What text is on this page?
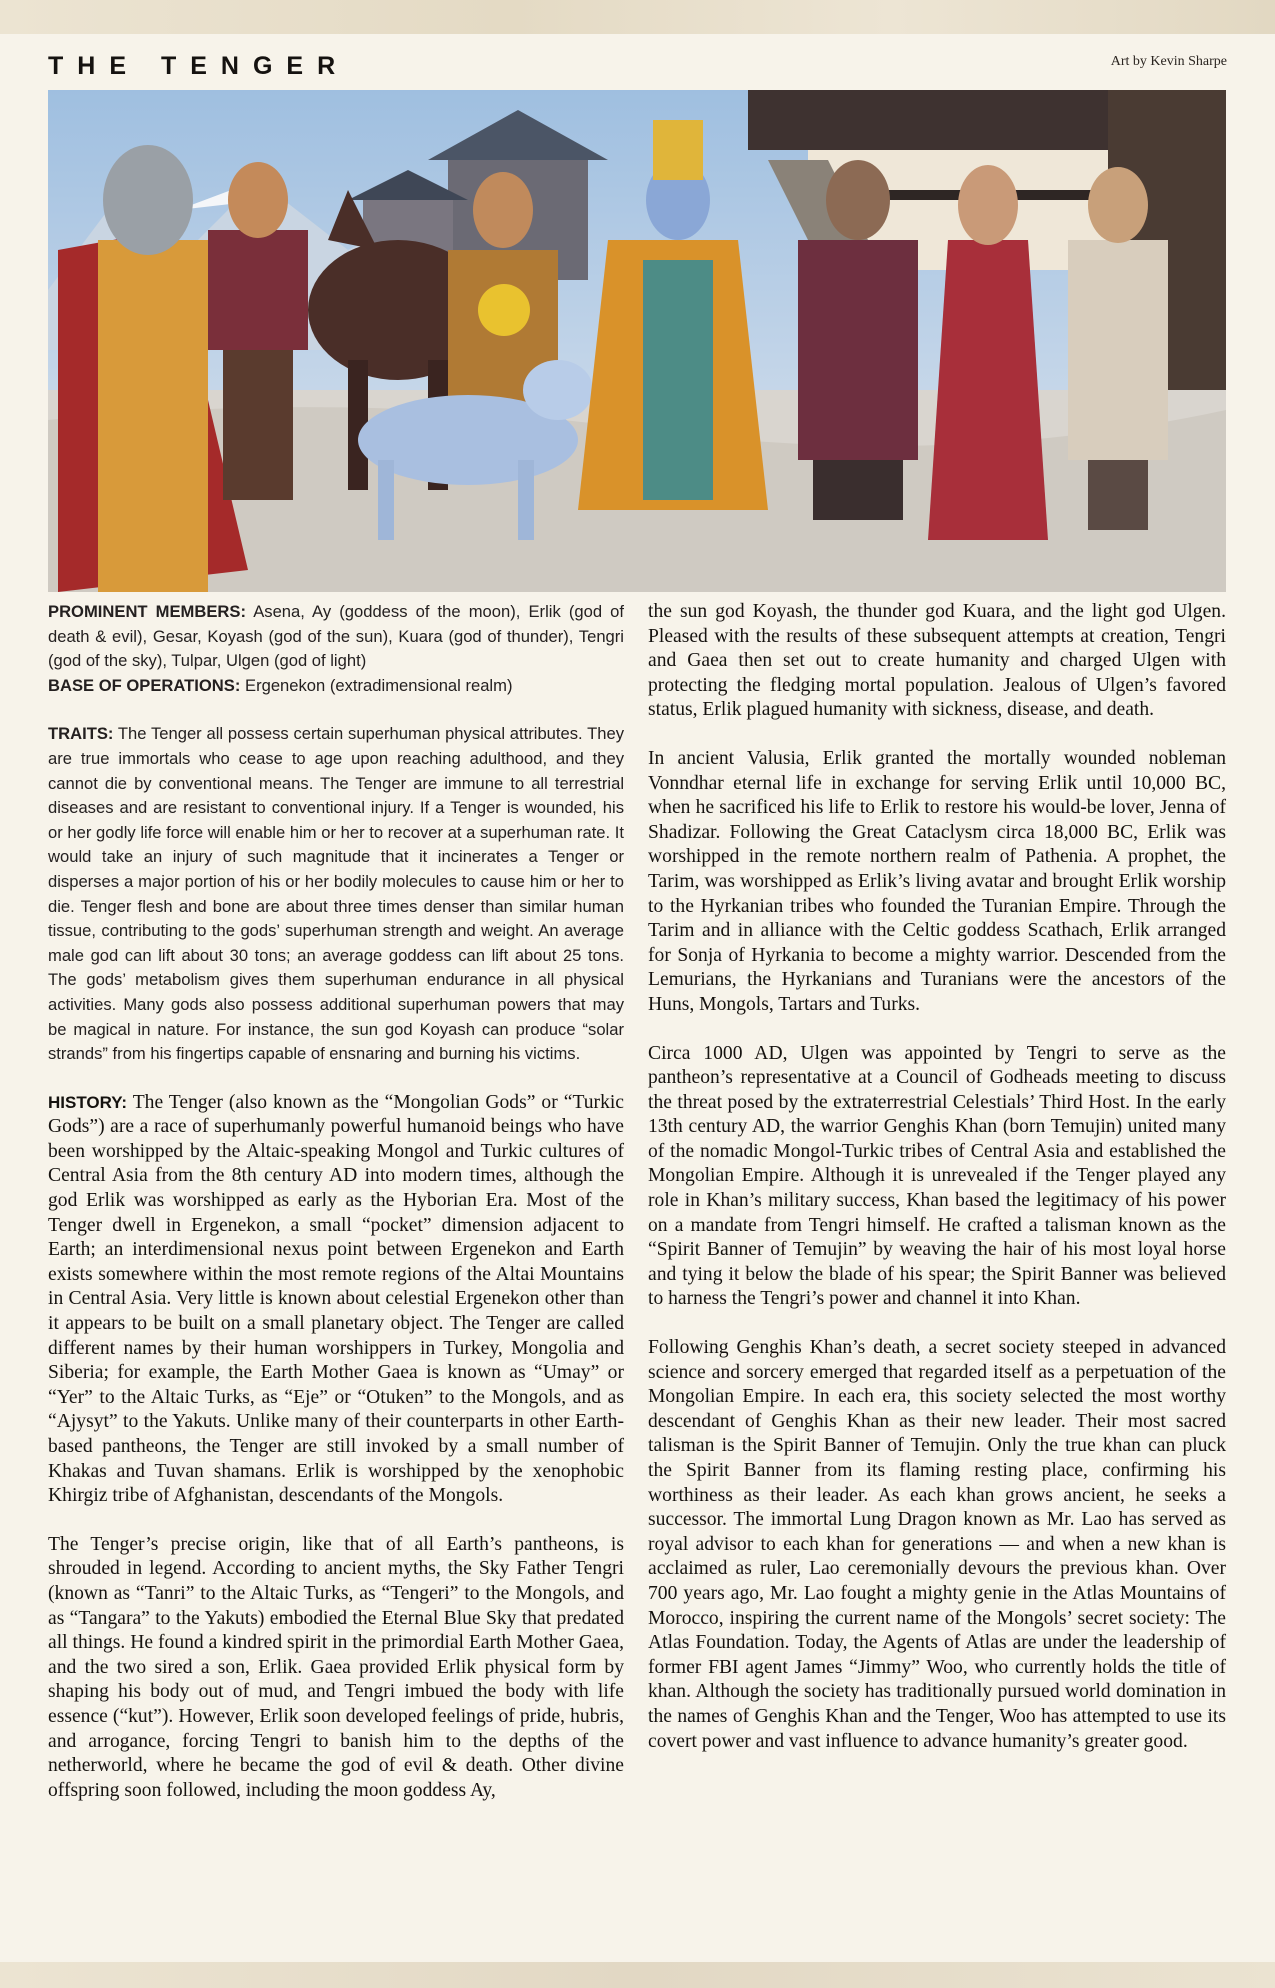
THE TENGER	Art by Kevin Sharpe

PROMINENT MEMBERS: Asena, Ay (goddess of the moon), Erlik (god of death & evil), Gesar, Koyash (god of the sun), Kuara (god of thunder), Tengri (god of the sky), Tulpar, Ulgen (god of light)

BASE OF OPERATIONS: Ergenekon (extradimensional realm)

TRAITS: The Tenger all possess certain superhuman physical attributes. They are true immortals who cease to age upon reaching adulthood, and they cannot die by conventional means. The Tenger are immune to all terrestrial diseases and are resistant to conventional injury. If a Tenger is wounded, his or her godly life force will enable him or her to recover at a superhuman rate. It would take an injury of such magnitude that it incinerates a Tenger or disperses a major portion of his or her bodily molecules to cause him or her to die. Tenger flesh and bone are about three times denser than similar human tissue, contributing to the gods’ superhuman strength and weight. An average male god can lift about 30 tons; an average goddess can lift about 25 tons. The gods’ metabolism gives them superhuman endurance in all physical activities. Many gods also possess additional superhuman powers that may be magical in nature. For instance, the sun god Koyash can produce “solar strands” from his fingertips capable of ensnaring and burning his victims.

HISTORY: The Tenger (also known as the “Mongolian Gods” or “Turkic Gods”) are a race of superhumanly powerful humanoid beings who have been worshipped by the Altaic-speaking Mongol and Turkic cultures of Central Asia from the 8th century AD into modern times, although the god Erlik was worshipped as early as the Hyborian Era. Most of the Tenger dwell in Ergenekon, a small “pocket” dimension adjacent to Earth; an interdimensional nexus point between Ergenekon and Earth exists somewhere within the most remote regions of the Altai Mountains in Central Asia. Very little is known about celestial Ergenekon other than it appears to be built on a small planetary object. The Tenger are called different names by their human worshippers in Turkey, Mongolia and Siberia; for example, the Earth Mother Gaea is known as “Umay” or “Yer” to the Altaic Turks, as “Eje” or “Otuken” to the Mongols, and as “Ajysyt” to the Yakuts. Unlike many of their counterparts in other Earth-based pantheons, the Tenger are still invoked by a small number of Khakas and Tuvan shamans. Erlik is worshipped by the xenophobic Khirgiz tribe of Afghanistan, descendants of the Mongols.

The Tenger’s precise origin, like that of all Earth’s pantheons, is shrouded in legend. According to ancient myths, the Sky Father Tengri (known as “Tanri” to the Altaic Turks, as “Tengeri” to the Mongols, and as “Tangara” to the Yakuts) embodied the Eternal Blue Sky that predated all things. He found a kindred spirit in the primordial Earth Mother Gaea, and the two sired a son, Erlik. Gaea provided Erlik physical form by shaping his body out of mud, and Tengri imbued the body with life essence (“kut”). However, Erlik soon developed feelings of pride, hubris, and arrogance, forcing Tengri to banish him to the depths of the netherworld, where he became the god of evil & death. Other divine offspring soon followed, including the moon goddess Ay,

the sun god Koyash, the thunder god Kuara, and the light god Ulgen. Pleased with the results of these subsequent attempts at creation, Tengri and Gaea then set out to create humanity and charged Ulgen with protecting the fledging mortal population. Jealous of Ulgen’s favored status, Erlik plagued humanity with sickness, disease, and death.

In ancient Valusia, Erlik granted the mortally wounded nobleman Vonndhar eternal life in exchange for serving Erlik until 10,000 BC, when he sacrificed his life to Erlik to restore his would-be lover, Jenna of Shadizar. Following the Great Cataclysm circa 18,000 BC, Erlik was worshipped in the remote northern realm of Pathenia. A prophet, the Tarim, was worshipped as Erlik’s living avatar and brought Erlik worship to the Hyrkanian tribes who founded the Turanian Empire. Through the Tarim and in alliance with the Celtic goddess Scathach, Erlik arranged for Sonja of Hyrkania to become a mighty warrior. Descended from the Lemurians, the Hyrkanians and Turanians were the ancestors of the Huns, Mongols, Tartars and Turks.

Circa 1000 AD, Ulgen was appointed by Tengri to serve as the pantheon’s representative at a Council of Godheads meeting to discuss the threat posed by the extraterrestrial Celestials’ Third Host. In the early 13th century AD, the warrior Genghis Khan (born Temujin) united many of the nomadic Mongol-Turkic tribes of Central Asia and established the Mongolian Empire. Although it is unrevealed if the Tenger played any role in Khan’s military success, Khan based the legitimacy of his power on a mandate from Tengri himself. He crafted a talisman known as the “Spirit Banner of Temujin” by weaving the hair of his most loyal horse and tying it below the blade of his spear; the Spirit Banner was believed to harness the Tengri’s power and channel it into Khan.

Following Genghis Khan’s death, a secret society steeped in advanced science and sorcery emerged that regarded itself as a perpetuation of the Mongolian Empire. In each era, this society selected the most worthy descendant of Genghis Khan as their new leader. Their most sacred talisman is the Spirit Banner of Temujin. Only the true khan can pluck the Spirit Banner from its flaming resting place, confirming his worthiness as their leader. As each khan grows ancient, he seeks a successor. The immortal Lung Dragon known as Mr. Lao has served as royal advisor to each khan for generations — and when a new khan is acclaimed as ruler, Lao ceremonially devours the previous khan. Over 700 years ago, Mr. Lao fought a mighty genie in the Atlas Mountains of Morocco, inspiring the current name of the Mongols’ secret society: The Atlas Foundation. Today, the Agents of Atlas are under the leadership of former FBI agent James “Jimmy” Woo, who currently holds the title of khan. Although the society has traditionally pursued world domination in the names of Genghis Khan and the Tenger, Woo has attempted to use its covert power and vast influence to advance humanity’s greater good.
